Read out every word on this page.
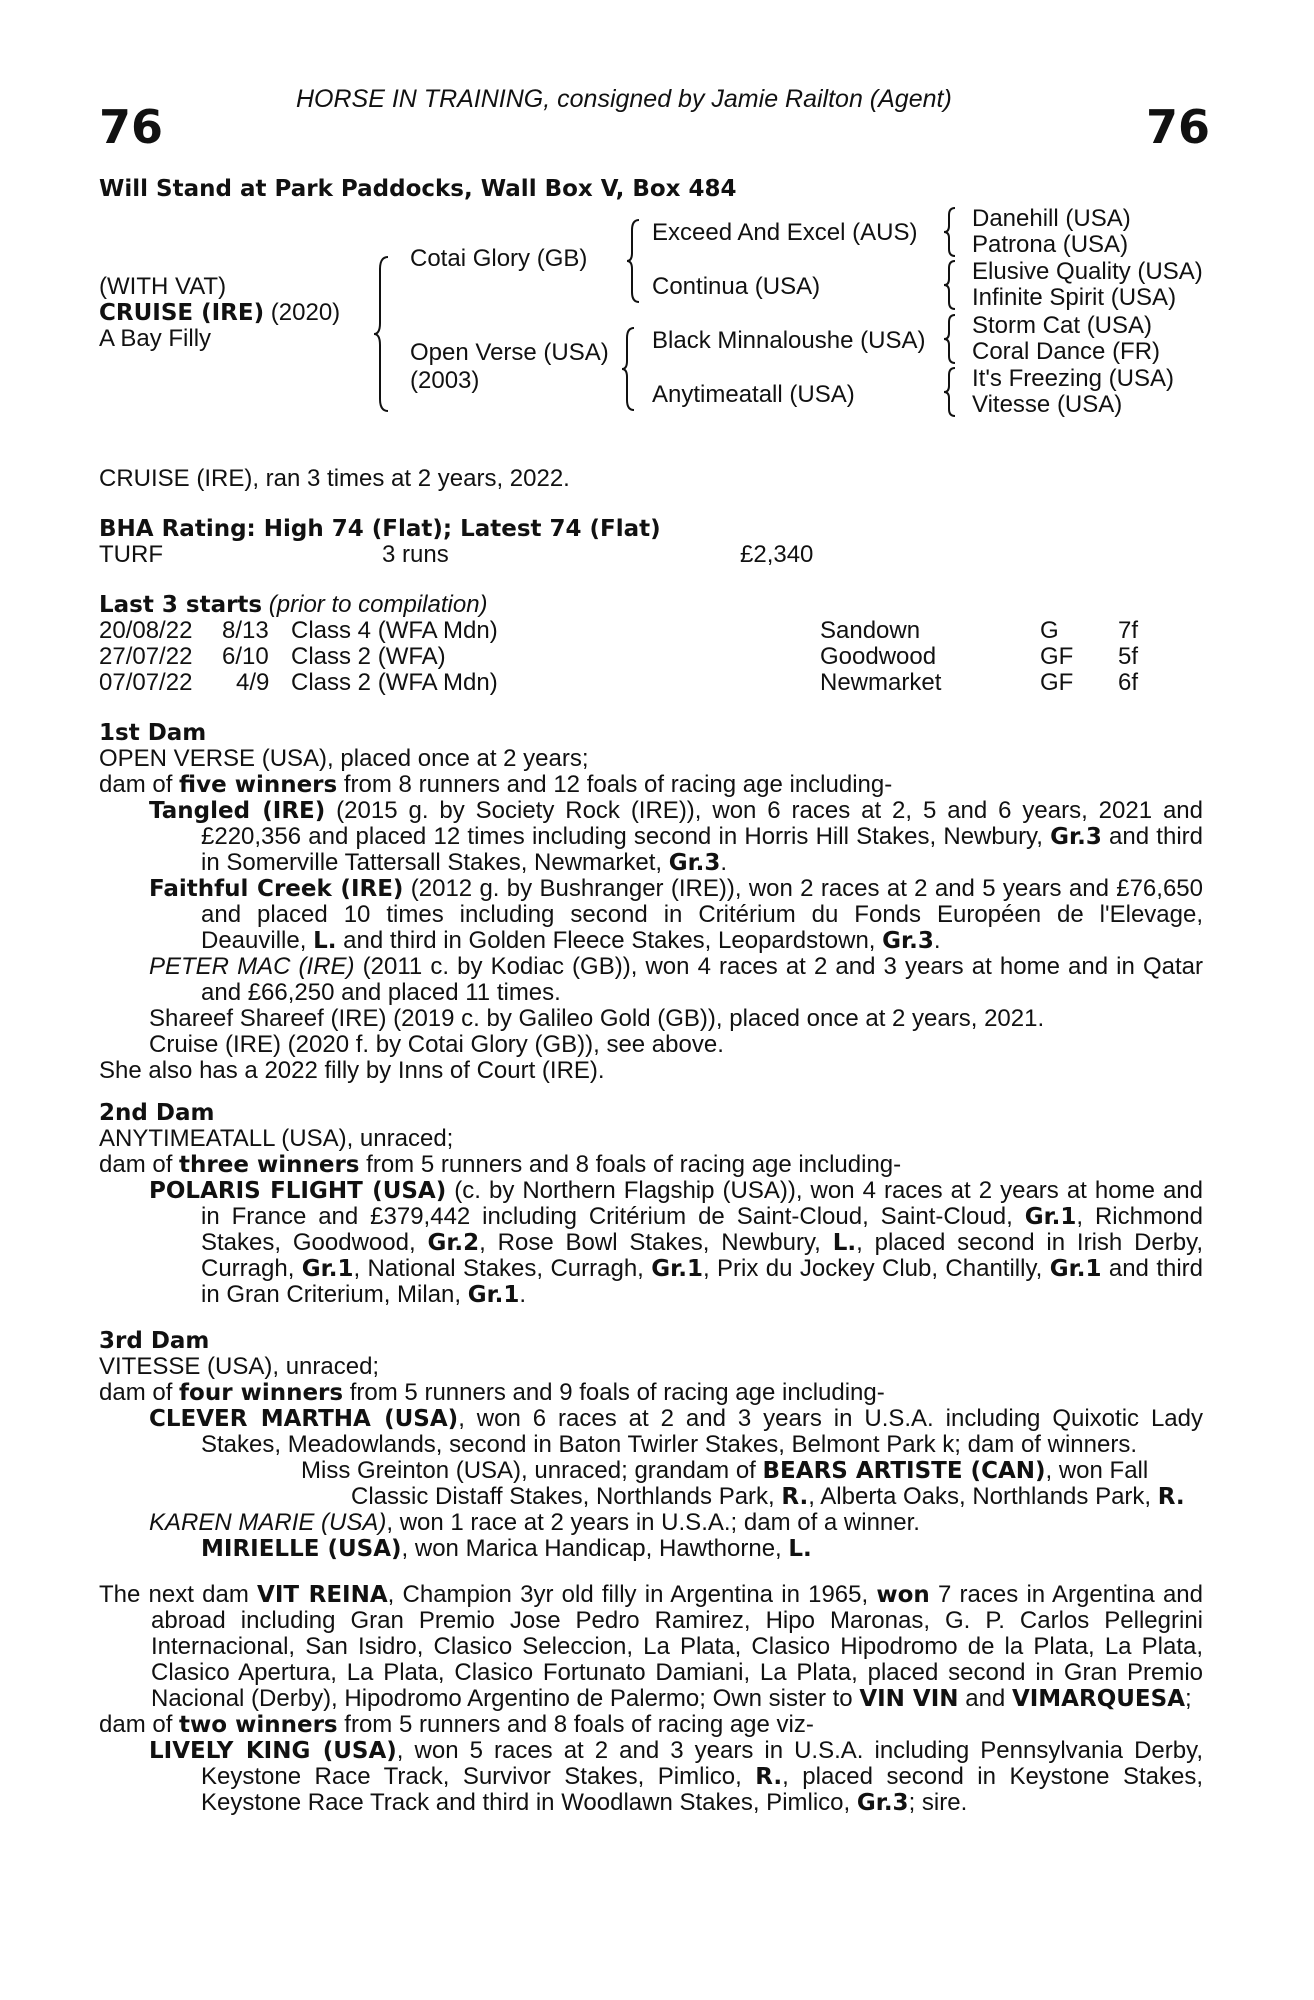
HORSE IN TRAINING, consigned by Jamie Railton (Agent)
76	76
Will Stand at Park Paddocks, Wall Box V, Box 484
(WITH VAT)
CRUISE (IRE) (2020)
A Bay Filly
Cotai Glory (GB)
Open Verse (USA)
(2003)
Exceed And Excel (AUS)
Continua (USA)
Black Minnaloushe (USA)
Anytimeatall (USA)
Danehill (USA)
Patrona (USA)
Elusive Quality (USA)
Infinite Spirit (USA)
Storm Cat (USA)
Coral Dance (FR)
It's Freezing (USA)
Vitesse (USA)
CRUISE (IRE), ran 3 times at 2 years, 2022.
BHA Rating: High 74 (Flat); Latest 74 (Flat)
TURF	3 runs	£2,340
Last 3 starts (prior to compilation)
20/08/22 8/13 Class 4 (WFA Mdn)	Sandown	G 7f
27/07/22 6/10 Class 2 (WFA)	Goodwood	GF 5f
07/07/22 4/9 Class 2 (WFA Mdn)	Newmarket	GF 6f
1st Dam
OPEN VERSE (USA), placed once at 2 years;
dam of five winners from 8 runners and 12 foals of racing age including-
Tangled (IRE) (2015 g. by Society Rock (IRE)), won 6 races at 2, 5 and 6 years, 2021 and £220,356 and placed 12 times including second in Horris Hill Stakes, Newbury, Gr.3 and third in Somerville Tattersall Stakes, Newmarket, Gr.3.
Faithful Creek (IRE) (2012 g. by Bushranger (IRE)), won 2 races at 2 and 5 years and £76,650 and placed 10 times including second in Critérium du Fonds Européen de l'Elevage, Deauville, L. and third in Golden Fleece Stakes, Leopardstown, Gr.3.
PETER MAC (IRE) (2011 c. by Kodiac (GB)), won 4 races at 2 and 3 years at home and in Qatar and £66,250 and placed 11 times.
Shareef Shareef (IRE) (2019 c. by Galileo Gold (GB)), placed once at 2 years, 2021.
Cruise (IRE) (2020 f. by Cotai Glory (GB)), see above.
She also has a 2022 filly by Inns of Court (IRE).
2nd Dam
ANYTIMEATALL (USA), unraced;
dam of three winners from 5 runners and 8 foals of racing age including-
POLARIS FLIGHT (USA) (c. by Northern Flagship (USA)), won 4 races at 2 years at home and in France and £379,442 including Critérium de Saint-Cloud, Saint-Cloud, Gr.1, Richmond Stakes, Goodwood, Gr.2, Rose Bowl Stakes, Newbury, L., placed second in Irish Derby, Curragh, Gr.1, National Stakes, Curragh, Gr.1, Prix du Jockey Club, Chantilly, Gr.1 and third in Gran Criterium, Milan, Gr.1.
3rd Dam
VITESSE (USA), unraced;
dam of four winners from 5 runners and 9 foals of racing age including-
CLEVER MARTHA (USA), won 6 races at 2 and 3 years in U.S.A. including Quixotic Lady Stakes, Meadowlands, second in Baton Twirler Stakes, Belmont Park k; dam of winners.
Miss Greinton (USA), unraced; grandam of BEARS ARTISTE (CAN), won Fall Classic Distaff Stakes, Northlands Park, R., Alberta Oaks, Northlands Park, R.
KAREN MARIE (USA), won 1 race at 2 years in U.S.A.; dam of a winner.
MIRIELLE (USA), won Marica Handicap, Hawthorne, L.
The next dam VIT REINA, Champion 3yr old filly in Argentina in 1965, won 7 races in Argentina and abroad including Gran Premio Jose Pedro Ramirez, Hipo Maronas, G. P. Carlos Pellegrini Internacional, San Isidro, Clasico Seleccion, La Plata, Clasico Hipodromo de la Plata, La Plata, Clasico Apertura, La Plata, Clasico Fortunato Damiani, La Plata, placed second in Gran Premio Nacional (Derby), Hipodromo Argentino de Palermo; Own sister to VIN VIN and VIMARQUESA;
dam of two winners from 5 runners and 8 foals of racing age viz-
LIVELY KING (USA), won 5 races at 2 and 3 years in U.S.A. including Pennsylvania Derby, Keystone Race Track, Survivor Stakes, Pimlico, R., placed second in Keystone Stakes, Keystone Race Track and third in Woodlawn Stakes, Pimlico, Gr.3; sire.
